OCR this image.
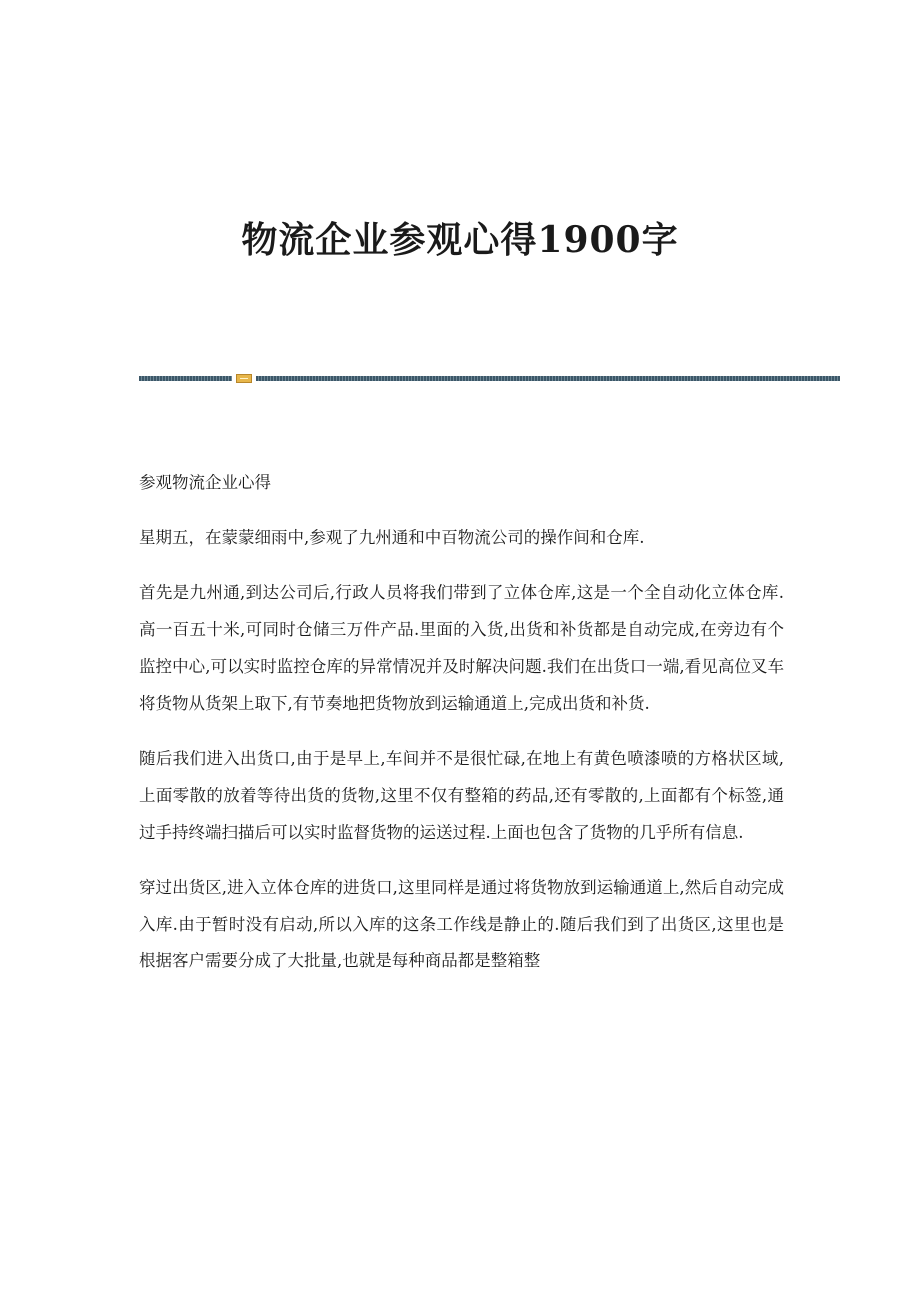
物流企业参观心得1900字

参观物流企业心得

星期五，在蒙蒙细雨中,参观了九州通和中百物流公司的操作间和仓库.

首先是九州通,到达公司后,行政人员将我们带到了立体仓库,这是一个全自动化立体仓库.高一百五十米,可同时仓储三万件产品.里面的入货,出货和补货都是自动完成,在旁边有个监控中心,可以实时监控仓库的异常情况并及时解决问题.我们在出货口一端,看见高位叉车将货物从货架上取下,有节奏地把货物放到运输通道上,完成出货和补货.

随后我们进入出货口,由于是早上,车间并不是很忙碌,在地上有黄色喷漆喷的方格状区域,上面零散的放着等待出货的货物,这里不仅有整箱的药品,还有零散的,上面都有个标签,通过手持终端扫描后可以实时监督货物的运送过程.上面也包含了货物的几乎所有信息.

穿过出货区,进入立体仓库的进货口,这里同样是通过将货物放到运输通道上,然后自动完成入库.由于暂时没有启动,所以入库的这条工作线是静止的.随后我们到了出货区,这里也是根据客户需要分成了大批量,也就是每种商品都是整箱整
